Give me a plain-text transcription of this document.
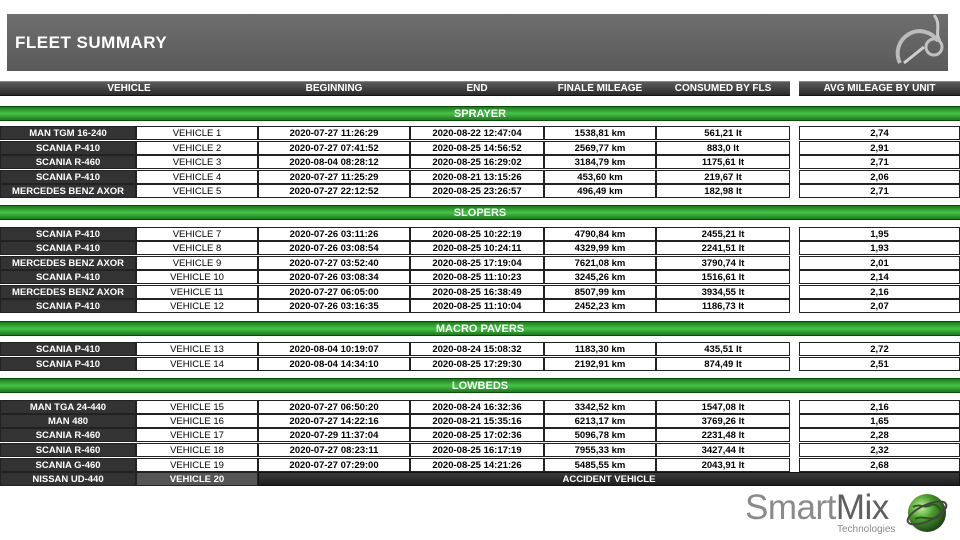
FLEET SUMMARY
VEHICLE	BEGINNING	END	FINALE MILEAGE	CONSUMED BY FLS	AVG MILEAGE BY UNIT
SPRAYER
SLOPERS
MACRO PAVERS
LOWBEDS
MAN TGM 16-240	VEHICLE 1	2020-07-27 11:26:29	2020-08-22 12:47:04	1538,81 km	561,21 lt	2,74
SCANIA P-410	VEHICLE 2	2020-07-27 07:41:52	2020-08-25 14:56:52	2569,77 km	883,0 lt	2,91
SCANIA R-460	VEHICLE 3	2020-08-04 08:28:12	2020-08-25 16:29:02	3184,79 km	1175,61 lt	2,71
SCANIA P-410	VEHICLE 4	2020-07-27 11:25:29	2020-08-21 13:15:26	453,60 km	219,67 lt	2,06
MERCEDES BENZ AXOR	VEHICLE 5	2020-07-27 22:12:52	2020-08-25 23:26:57	496,49 km	182,98 lt	2,71
SCANIA P-410	VEHICLE 7	2020-07-26 03:11:26	2020-08-25 10:22:19	4790,84 km	2455,21 lt	1,95
SCANIA P-410	VEHICLE 8	2020-07-26 03:08:54	2020-08-25 10:24:11	4329,99 km	2241,51 lt	1,93
MERCEDES BENZ AXOR	VEHICLE 9	2020-07-27 03:52:40	2020-08-25 17:19:04	7621,08 km	3790,74 lt	2,01
SCANIA P-410	VEHICLE 10	2020-07-26 03:08:34	2020-08-25 11:10:23	3245,26 km	1516,61 lt	2,14
MERCEDES BENZ AXOR	VEHICLE 11	2020-07-27 06:05:00	2020-08-25 16:38:49	8507,99 km	3934,55 lt	2,16
SCANIA P-410	VEHICLE 12	2020-07-26 03:16:35	2020-08-25 11:10:04	2452,23 km	1186,73 lt	2,07
SCANIA P-410	VEHICLE 13	2020-08-04 10:19:07	2020-08-24 15:08:32	1183,30 km	435,51 lt	2,72
SCANIA P-410	VEHICLE 14	2020-08-04 14:34:10	2020-08-25 17:29:30	2192,91 km	874,49 lt	2,51
MAN TGA 24-440	VEHICLE 15	2020-07-27 06:50:20	2020-08-24 16:32:36	3342,52 km	1547,08 lt	2,16
MAN 480	VEHICLE 16	2020-07-27 14:22:16	2020-08-21 15:35:16	6213,17 km	3769,26 lt	1,65
SCANIA R-460	VEHICLE 17	2020-07-29 11:37:04	2020-08-25 17:02:36	5096,78 km	2231,48 lt	2,28
SCANIA R-460	VEHICLE 18	2020-07-27 08:23:11	2020-08-25 16:17:19	7955,33 km	3427,44 lt	2,32
SCANIA G-460	VEHICLE 19	2020-07-27 07:29:00	2020-08-25 14:21:26	5485,55 km	2043,91 lt	2,68
NISSAN UD-440	VEHICLE 20	ACCIDENT VEHICLE
SmartMix
Technologies
